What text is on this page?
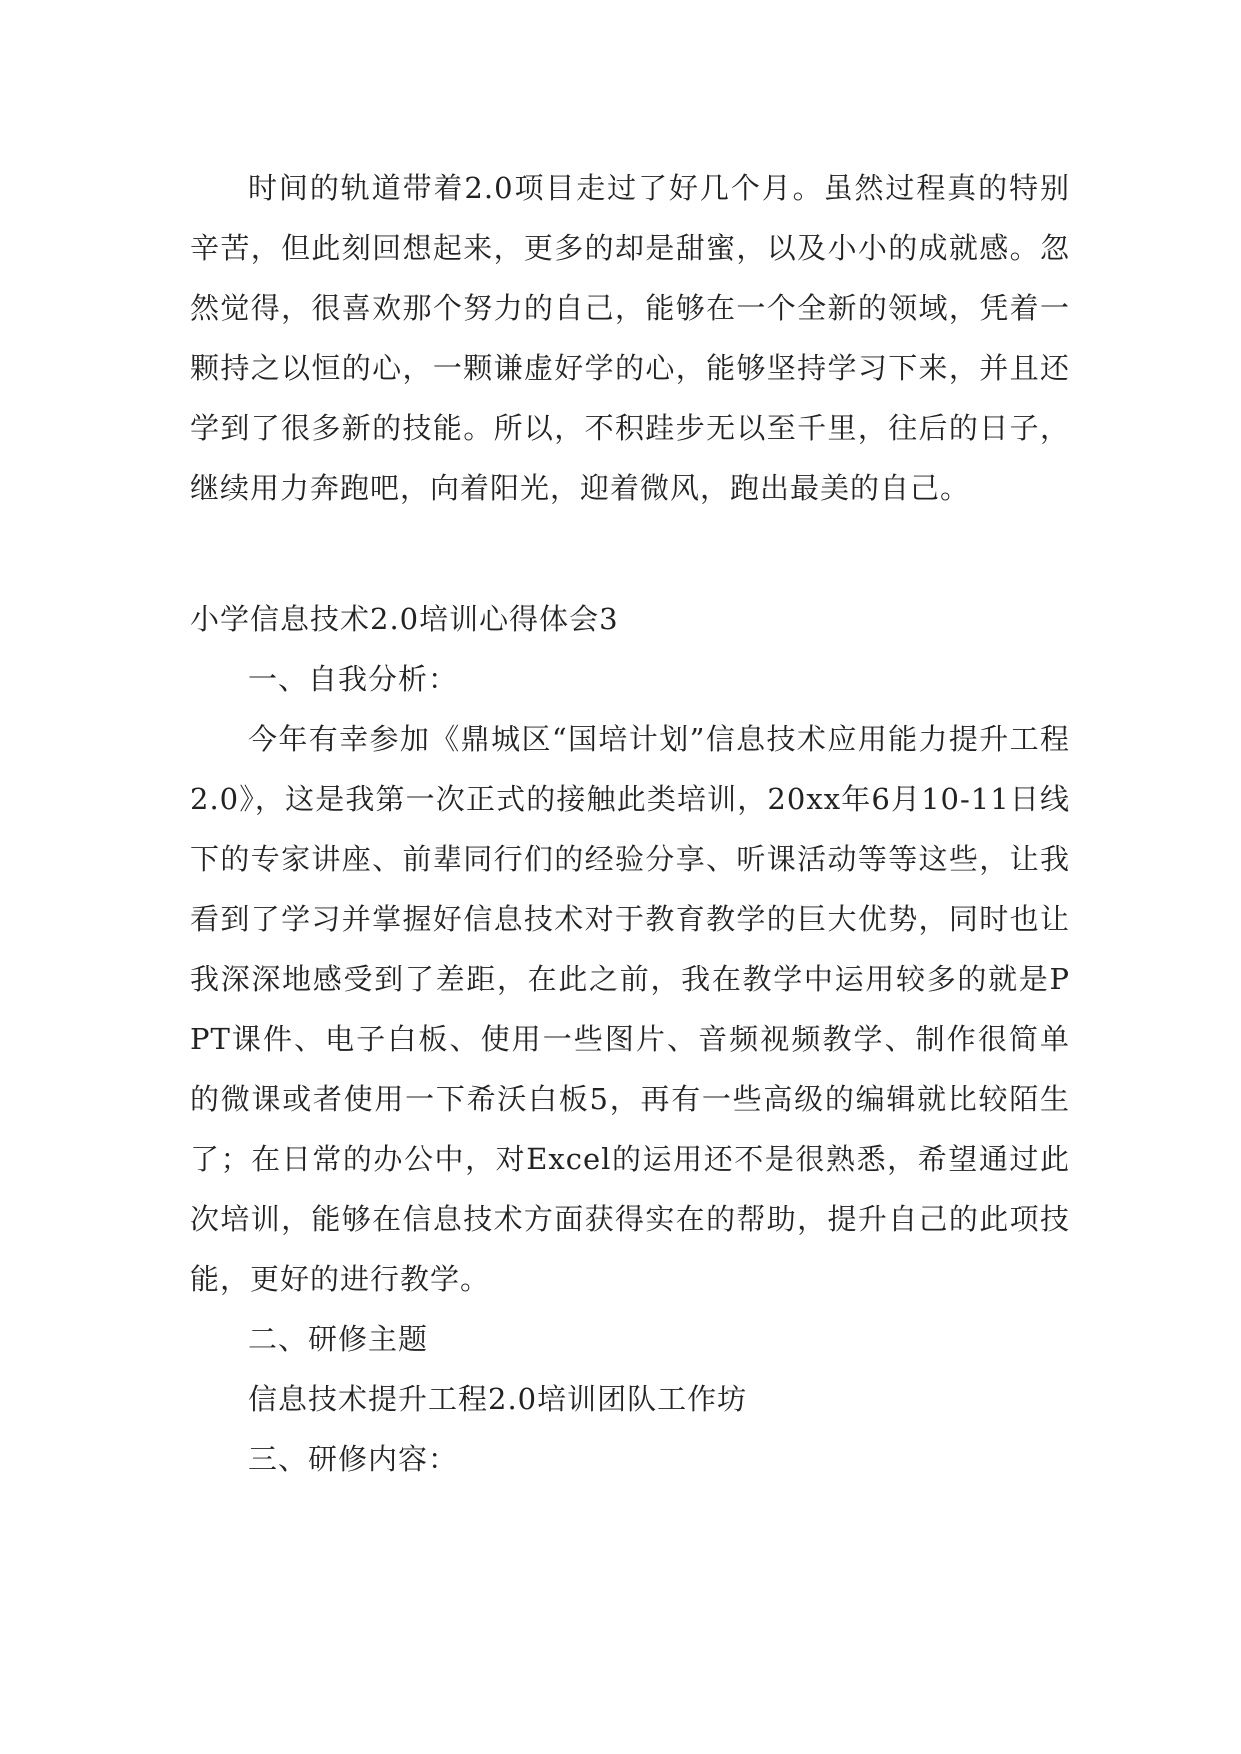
时间的轨道带着2.0项目走过了好几个月。虽然过程真的特别辛苦，但此刻回想起来，更多的却是甜蜜，以及小小的成就感。忽然觉得，很喜欢那个努力的自己，能够在一个全新的领域，凭着一颗持之以恒的心，一颗谦虚好学的心，能够坚持学习下来，并且还学到了很多新的技能。所以，不积跬步无以至千里，往后的日子，继续用力奔跑吧，向着阳光，迎着微风，跑出最美的自己。

小学信息技术2.0培训心得体会3

一、自我分析：

今年有幸参加《鼎城区“国培计划”信息技术应用能力提升工程2.0》，这是我第一次正式的接触此类培训，20xx年6月10-11日线下的专家讲座、前辈同行们的经验分享、听课活动等等这些，让我看到了学习并掌握好信息技术对于教育教学的巨大优势，同时也让我深深地感受到了差距，在此之前，我在教学中运用较多的就是PPT课件、电子白板、使用一些图片、音频视频教学、制作很简单的微课或者使用一下希沃白板5，再有一些高级的编辑就比较陌生了；在日常的办公中，对Excel的运用还不是很熟悉，希望通过此次培训，能够在信息技术方面获得实在的帮助，提升自己的此项技能，更好的进行教学。

二、研修主题

信息技术提升工程2.0培训团队工作坊

三、研修内容：
